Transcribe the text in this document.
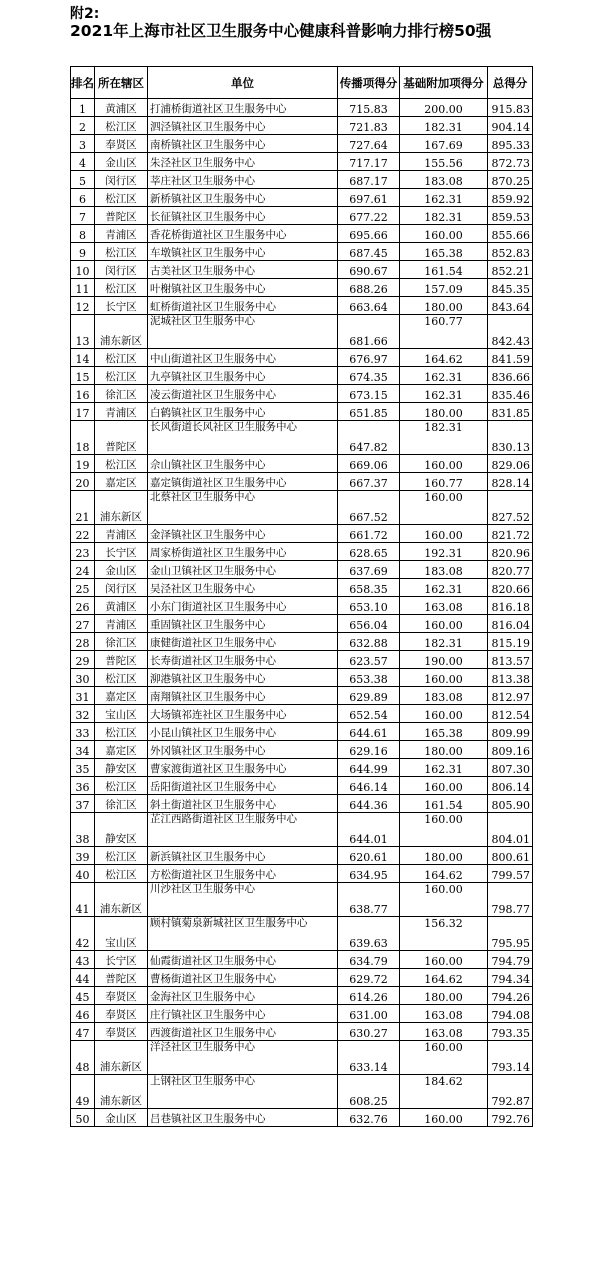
附2:
2021年上海市社区卫生服务中心健康科普影响力排行榜50强
排名	所在辖区	单位	传播项得分	基础附加项得分	总得分
1	黄浦区	打浦桥街道社区卫生服务中心	715.83	200.00	915.83
2	松江区	泗泾镇社区卫生服务中心	721.83	182.31	904.14
3	奉贤区	南桥镇社区卫生服务中心	727.64	167.69	895.33
4	金山区	朱泾社区卫生服务中心	717.17	155.56	872.73
5	闵行区	莘庄社区卫生服务中心	687.17	183.08	870.25
6	松江区	新桥镇社区卫生服务中心	697.61	162.31	859.92
7	普陀区	长征镇社区卫生服务中心	677.22	182.31	859.53
8	青浦区	香花桥街道社区卫生服务中心	695.66	160.00	855.66
9	松江区	车墩镇社区卫生服务中心	687.45	165.38	852.83
10	闵行区	古美社区卫生服务中心	690.67	161.54	852.21
11	松江区	叶榭镇社区卫生服务中心	688.26	157.09	845.35
12	长宁区	虹桥街道社区卫生服务中心	663.64	180.00	843.64
13	浦东新区	泥城社区卫生服务中心	681.66	160.77	842.43
14	松江区	中山街道社区卫生服务中心	676.97	164.62	841.59
15	松江区	九亭镇社区卫生服务中心	674.35	162.31	836.66
16	徐汇区	凌云街道社区卫生服务中心	673.15	162.31	835.46
17	青浦区	白鹤镇社区卫生服务中心	651.85	180.00	831.85
18	普陀区	长风街道长风社区卫生服务中心	647.82	182.31	830.13
19	松江区	佘山镇社区卫生服务中心	669.06	160.00	829.06
20	嘉定区	嘉定镇街道社区卫生服务中心	667.37	160.77	828.14
21	浦东新区	北蔡社区卫生服务中心	667.52	160.00	827.52
22	青浦区	金泽镇社区卫生服务中心	661.72	160.00	821.72
23	长宁区	周家桥街道社区卫生服务中心	628.65	192.31	820.96
24	金山区	金山卫镇社区卫生服务中心	637.69	183.08	820.77
25	闵行区	吴泾社区卫生服务中心	658.35	162.31	820.66
26	黄浦区	小东门街道社区卫生服务中心	653.10	163.08	816.18
27	青浦区	重固镇社区卫生服务中心	656.04	160.00	816.04
28	徐汇区	康健街道社区卫生服务中心	632.88	182.31	815.19
29	普陀区	长寿街道社区卫生服务中心	623.57	190.00	813.57
30	松江区	泖港镇社区卫生服务中心	653.38	160.00	813.38
31	嘉定区	南翔镇社区卫生服务中心	629.89	183.08	812.97
32	宝山区	大场镇祁连社区卫生服务中心	652.54	160.00	812.54
33	松江区	小昆山镇社区卫生服务中心	644.61	165.38	809.99
34	嘉定区	外冈镇社区卫生服务中心	629.16	180.00	809.16
35	静安区	曹家渡街道社区卫生服务中心	644.99	162.31	807.30
36	松江区	岳阳街道社区卫生服务中心	646.14	160.00	806.14
37	徐汇区	斜土街道社区卫生服务中心	644.36	161.54	805.90
38	静安区	芷江西路街道社区卫生服务中心	644.01	160.00	804.01
39	松江区	新浜镇社区卫生服务中心	620.61	180.00	800.61
40	松江区	方松街道社区卫生服务中心	634.95	164.62	799.57
41	浦东新区	川沙社区卫生服务中心	638.77	160.00	798.77
42	宝山区	顾村镇菊泉新城社区卫生服务中心	639.63	156.32	795.95
43	长宁区	仙霞街道社区卫生服务中心	634.79	160.00	794.79
44	普陀区	曹杨街道社区卫生服务中心	629.72	164.62	794.34
45	奉贤区	金海社区卫生服务中心	614.26	180.00	794.26
46	奉贤区	庄行镇社区卫生服务中心	631.00	163.08	794.08
47	奉贤区	西渡街道社区卫生服务中心	630.27	163.08	793.35
48	浦东新区	洋泾社区卫生服务中心	633.14	160.00	793.14
49	浦东新区	上钢社区卫生服务中心	608.25	184.62	792.87
50	金山区	吕巷镇社区卫生服务中心	632.76	160.00	792.76
